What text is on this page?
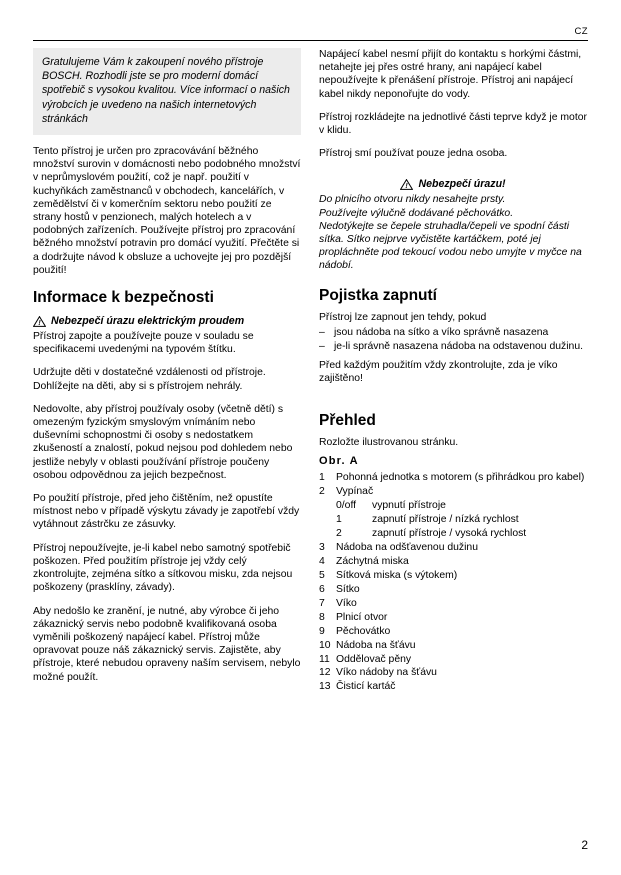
CZ
Gratulujeme Vám k zakoupení nového přístroje BOSCH. Rozhodli jste se pro moderní domácí spotřebič s vysokou kvalitou. Více informací o našich výrobcích je uvedeno na našich internetových stránkách

Tento přístroj je určen pro zpracovávání běžného množství surovin v domácnosti nebo podobného množství v neprůmyslovém použití, což je např. použití v kuchyňkách zaměstnanců v obchodech, kancelářích, v zemědělství či v komerčním sektoru nebo použití ze strany hostů v penzionech, malých hotelech a v podobných zařízeních. Používejte přístroj pro zpracování běžného množství potravin pro domácí využití. Přečtěte si a dodržujte návod k obsluze a uchovejte jej pro pozdější použití!

Informace k bezpečnosti
! Nebezpečí úrazu elektrickým proudem

Přístroj zapojte a používejte pouze v souladu se specifikacemi uvedenými na typovém štítku.

Udržujte děti v dostatečné vzdálenosti od přístroje. Dohlížejte na děti, aby si s přístrojem nehrály.

Nedovolte, aby přístroj používaly osoby (včetně dětí) s omezeným fyzickým smyslovým vnímáním nebo duševními schopnostmi či osoby s nedostatkem zkušeností a znalostí, pokud nejsou pod dohledem nebo jestliže nebyly v oblasti používání přístroje poučeny osobou odpovědnou za jejich bezpečnost.

Po použití přístroje, před jeho čištěním, než opustíte místnost nebo v případě výskytu závady je zapotřebí vždy vytáhnout zástrčku ze zásuvky.

Přístroj nepoužívejte, je-li kabel nebo samotný spotřebič poškozen. Před použitím přístroje jej vždy celý zkontrolujte, zejména sítko a sítkovou misku, zda nejsou poškozeny (prasklíny, závady).

Aby nedošlo ke zranění, je nutné, aby výrobce či jeho zákaznický servis nebo podobně kvalifikovaná osoba vyměnili poškozený napájecí kabel. Přístroj může opravovat pouze náš zákaznický servis. Zajistěte, aby přístroje, které nebudou opraveny naším servisem, nebylo možné použít.

Napájecí kabel nesmí přijít do kontaktu s horkými částmi, netahejte jej přes ostré hrany, ani napájecí kabel nepoužívejte k přenášení přístroje. Přístroj ani napájecí kabel nikdy neponořujte do vody.

Přístroj rozkládejte na jednotlivé části teprve když je motor v klidu.

Přístroj smí používat pouze jedna osoba.

! Nebezpečí úrazu!

Do plnicího otvoru nikdy nesahejte prsty.

Používejte výlučně dodávané pěchovátko.

Nedotýkejte se čepele struhadla/čepeli ve spodní části sítka. Sítko nejprve vyčistěte kartáčkem, poté jej propláchněte pod tekoucí vodou nebo umyjte v myčce na nádobí.

Pojistka zapnutí

Přístroj lze zapnout jen tehdy, pokud

– jsou nádoba na sítko a víko správně nasazena
– je-li správně nasazena nádoba na odstavenou dužinu.

Před každým použitím vždy zkontrolujte, zda je víko zajištěno!

Přehled

Rozložte ilustrovanou stránku.

Obr. A
1	Pohonná jednotka s motorem (s přihrádkou pro kabel)
2	Vypínač
0/off	vypnutí přístroje
1	zapnutí přístroje / nízká rychlost
2	zapnutí přístroje / vysoká rychlost
3	Nádoba na odšťavenou dužinu
4	Záchytná miska
5	Sítková miska (s výtokem)
6	Sítko
7	Víko
8	Plnicí otvor
9	Pěchovátko
10 Nádoba na šťávu
11 Oddělovač pěny
12 Víko nádoby na šťávu
13 Čisticí kartáč
2
